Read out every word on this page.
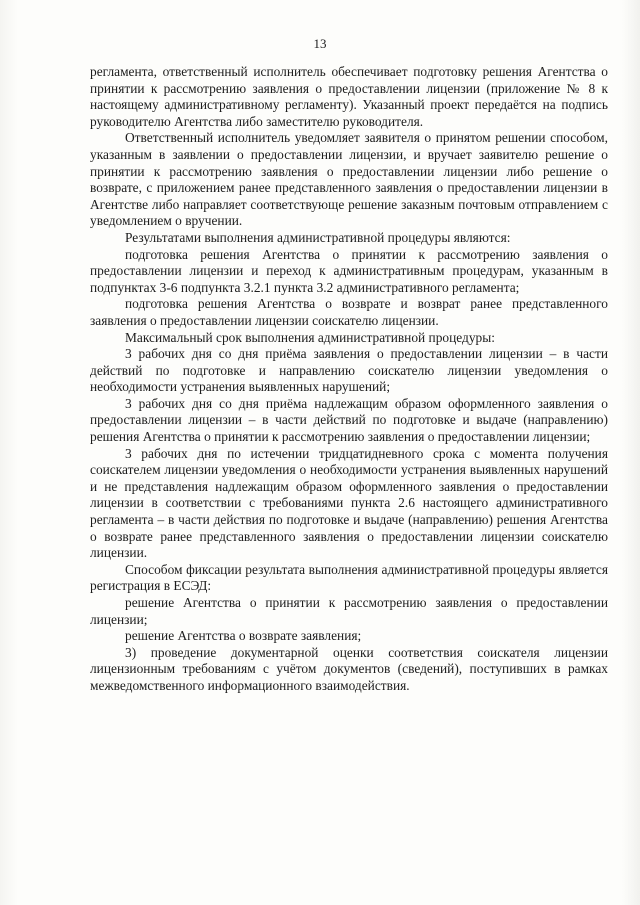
13

регламента, ответственный исполнитель обеспечивает подготовку решения Агентства о принятии к рассмотрению заявления о предоставлении лицензии (приложение № 8 к настоящему административному регламенту). Указанный проект передаётся на подпись руководителю Агентства либо заместителю руководителя.

Ответственный исполнитель уведомляет заявителя о принятом решении способом, указанным в заявлении о предоставлении лицензии, и вручает заявителю решение о принятии к рассмотрению заявления о предоставлении лицензии либо решение о возврате, с приложением ранее представленного заявления о предоставлении лицензии в Агентстве либо направляет соответствующе решение заказным почтовым отправлением с уведомлением о вручении.

Результатами выполнения административной процедуры являются:

подготовка решения Агентства о принятии к рассмотрению заявления о предоставлении лицензии и переход к административным процедурам, указанным в подпунктах 3-6 подпункта 3.2.1 пункта 3.2 административного регламента;

подготовка решения Агентства о возврате и возврат ранее представленного заявления о предоставлении лицензии соискателю лицензии.

Максимальный срок выполнения административной процедуры:

3 рабочих дня со дня приёма заявления о предоставлении лицензии – в части действий по подготовке и направлению соискателю лицензии уведомления о необходимости устранения выявленных нарушений;

3 рабочих дня со дня приёма надлежащим образом оформленного заявления о предоставлении лицензии – в части действий по подготовке и выдаче (направлению) решения Агентства о принятии к рассмотрению заявления о предоставлении лицензии;

3 рабочих дня по истечении тридцатидневного срока с момента получения соискателем лицензии уведомления о необходимости устранения выявленных нарушений и не представления надлежащим образом оформленного заявления о предоставлении лицензии в соответствии с требованиями пункта 2.6 настоящего административного регламента – в части действия по подготовке и выдаче (направлению) решения Агентства о возврате ранее представленного заявления о предоставлении лицензии соискателю лицензии.

Способом фиксации результата выполнения административной процедуры является регистрация в ЕСЭД:

решение Агентства о принятии к рассмотрению заявления о предоставлении лицензии;

решение Агентства о возврате заявления;

3) проведение документарной оценки соответствия соискателя лицензии лицензионным требованиям с учётом документов (сведений), поступивших в рамках межведомственного информационного взаимодействия.
